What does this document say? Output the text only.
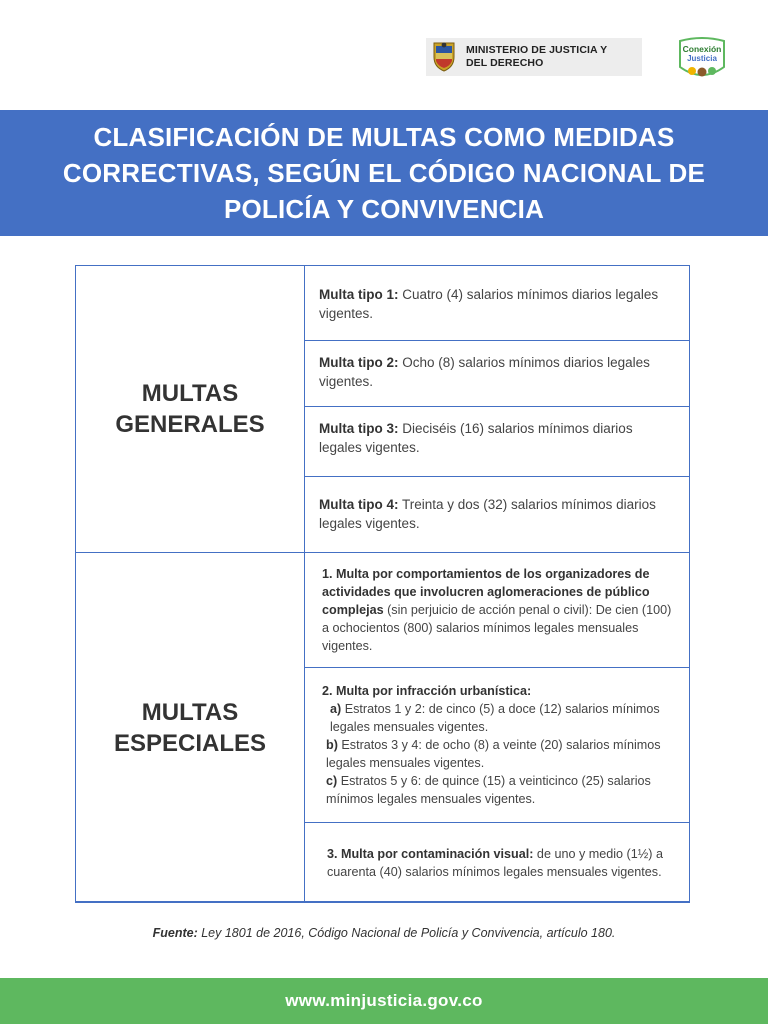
MINISTERIO DE JUSTICIA Y
DEL DERECHO
Conexión
Justicia
CLASIFICACIÓN DE MULTAS COMO MEDIDAS CORRECTIVAS, SEGÚN EL CÓDIGO NACIONAL DE POLICÍA Y CONVIVENCIA
MULTAS
GENERALES
Multa tipo 1: Cuatro (4) salarios mínimos diarios legales vigentes.
Multa tipo 2: Ocho (8) salarios mínimos diarios legales vigentes.
Multa tipo 3: Dieciséis (16) salarios mínimos diarios legales vigentes.
Multa tipo 4: Treinta y dos (32) salarios mínimos diarios legales vigentes.
MULTAS
ESPECIALES
1. Multa por comportamientos de los organizadores de actividades que involucren aglomeraciones de público complejas (sin perjuicio de acción penal o civil): De cien (100) a ochocientos (800) salarios mínimos legales mensuales vigentes.
2. Multa por infracción urbanística:
a) Estratos 1 y 2: de cinco (5) a doce (12) salarios mínimos legales mensuales vigentes.
b) Estratos 3 y 4: de ocho (8) a veinte (20) salarios mínimos legales mensuales vigentes.
c) Estratos 5 y 6: de quince (15) a veinticinco (25) salarios mínimos legales mensuales vigentes.
3. Multa por contaminación visual: de uno y medio (1½) a cuarenta (40) salarios mínimos legales mensuales vigentes.
Fuente: Ley 1801 de 2016, Código Nacional de Policía y Convivencia, artículo 180.
www.minjusticia.gov.co
